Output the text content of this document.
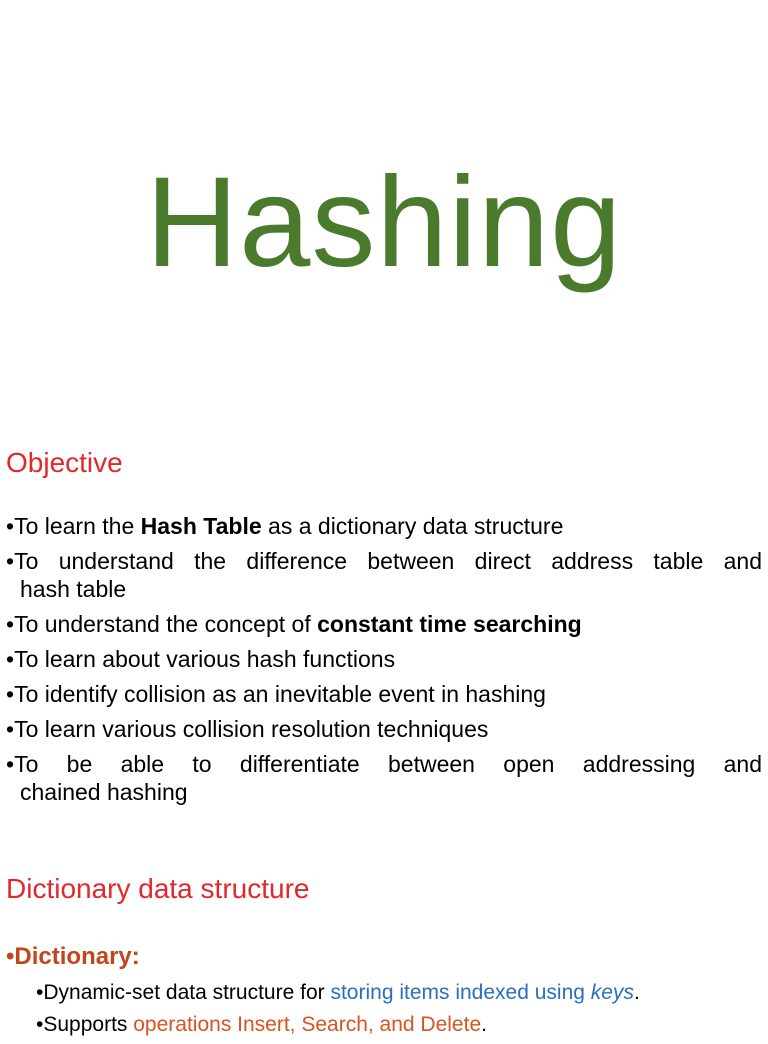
Hashing
Objective
• To learn the Hash Table as a dictionary data structure
• To understand the difference between direct address table and
hash table
• To understand the concept of constant time searching
• To learn about various hash functions
• To identify collision as an inevitable event in hashing
• To learn various collision resolution techniques
• To be able to differentiate between open addressing and
chained hashing
Dictionary data structure
• Dictionary:
• Dynamic-set data structure for storing items indexed using keys.
• Supports operations Insert, Search, and Delete.
